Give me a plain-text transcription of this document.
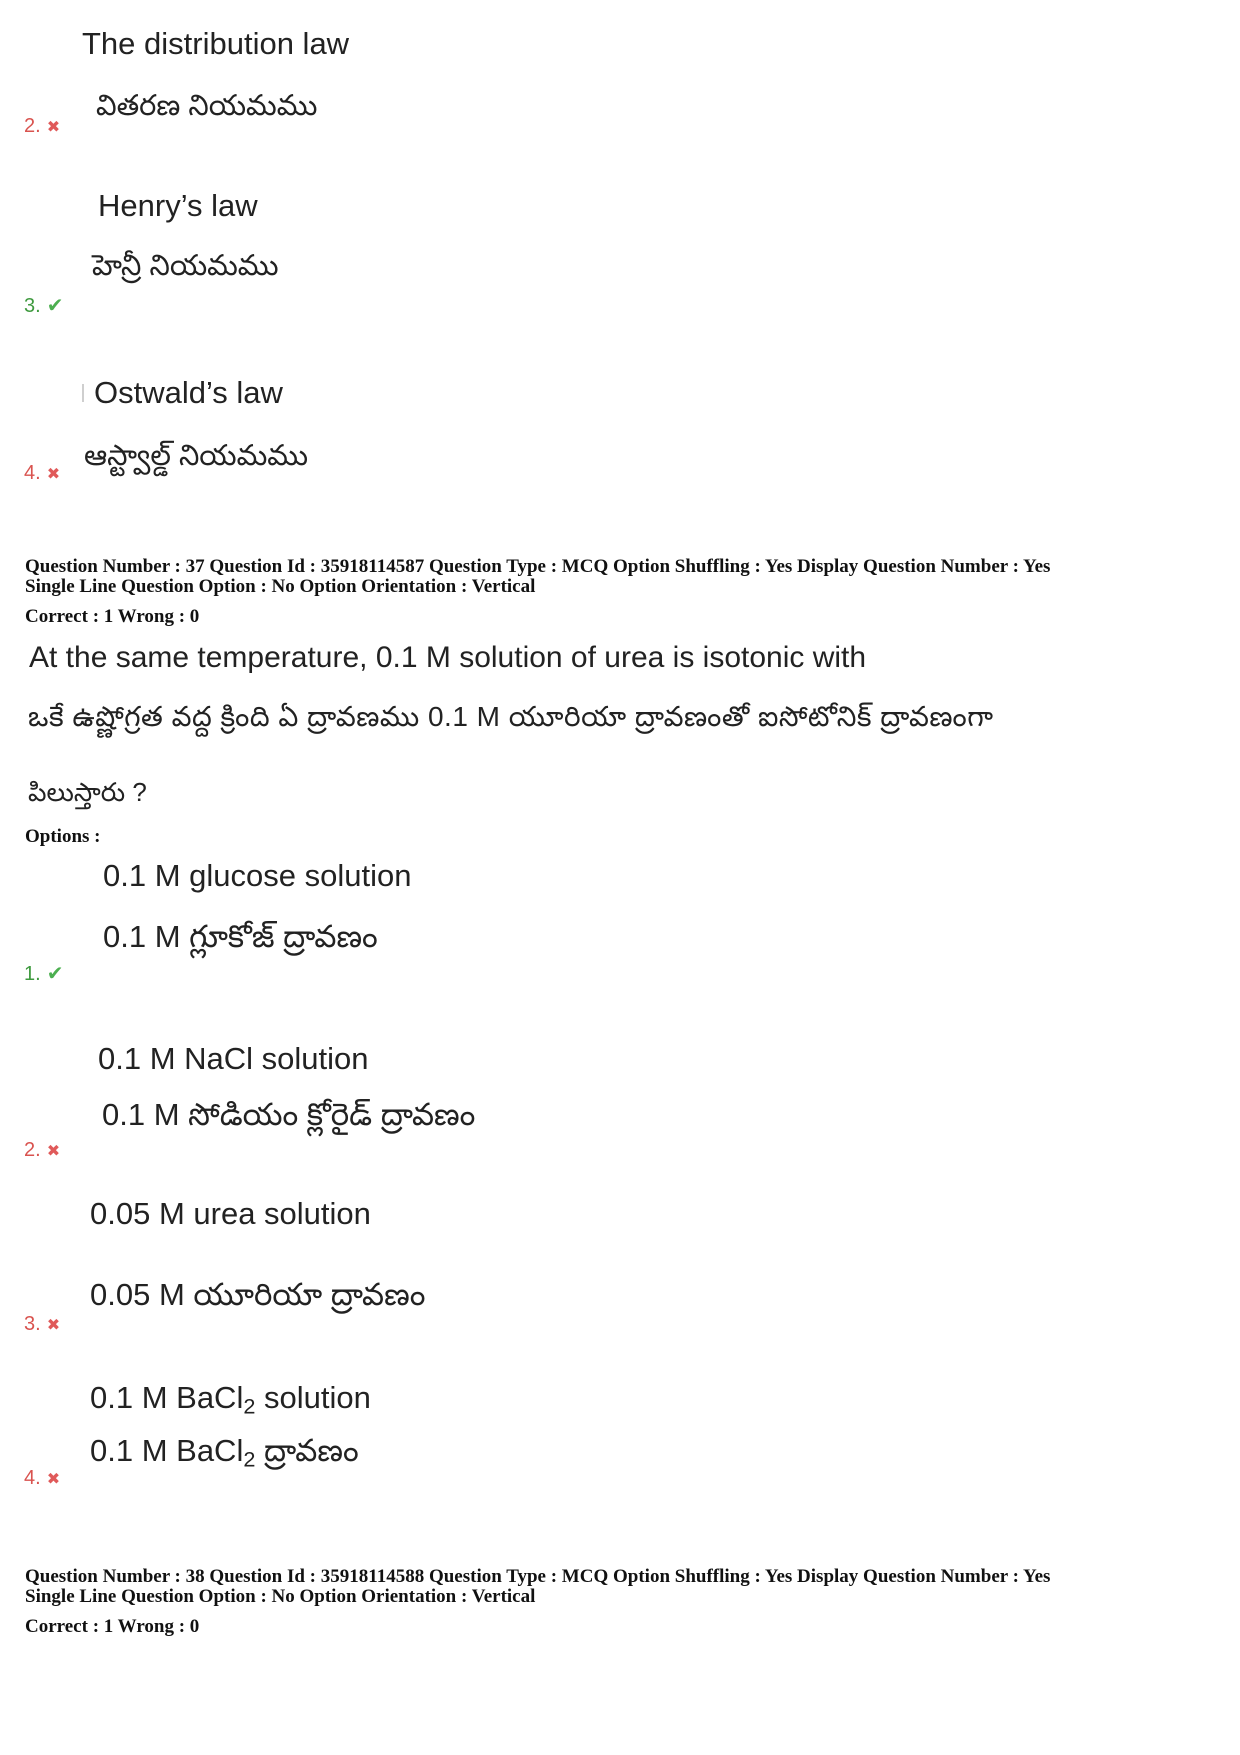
The distribution law
వితరణ నియమము
2. ✖
Henry’s law
హెన్రీ నియమము
3. ✔
Ostwald’s law
ఆస్ట్వాల్డ్ నియమము
4. ✖
Question Number : 37 Question Id : 35918114587 Question Type : MCQ Option Shuffling : Yes Display Question Number : Yes
Single Line Question Option : No Option Orientation : Vertical
Correct : 1 Wrong : 0
At the same temperature, 0.1 M solution of urea is isotonic with
ఒకే ఉష్ణోగ్రత వద్ద క్రింది ఏ ద్రావణము 0.1 M యూరియా ద్రావణంతో ఐసోటోనిక్ ద్రావణంగా
పిలుస్తారు ?
Options :
0.1 M glucose solution
0.1 M గ్లూకోజ్ ద్రావణం
1. ✔
0.1 M NaCl solution
0.1 M సోడియం క్లోరైడ్ ద్రావణం
2. ✖
0.05 M urea solution
0.05 M యూరియా ద్రావణం
3. ✖
0.1 M BaCl$_2$ solution
0.1 M BaCl$_2$ ద్రావణం
4. ✖
Question Number : 38 Question Id : 35918114588 Question Type : MCQ Option Shuffling : Yes Display Question Number : Yes
Single Line Question Option : No Option Orientation : Vertical
Correct : 1 Wrong : 0
